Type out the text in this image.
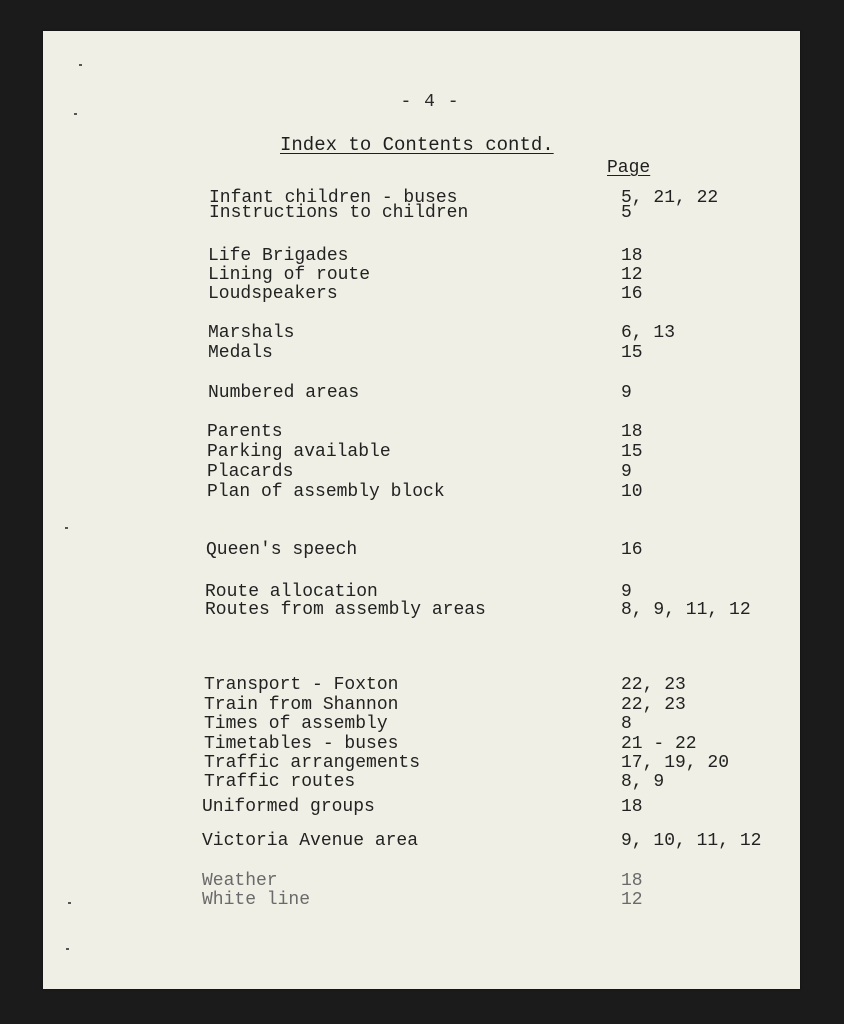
- 4 -
Index to Contents contd.
Page
Infant children - buses	5, 21, 22
Instructions to children	5
Life Brigades	18
Lining of route	12
Loudspeakers	16
Marshals	6, 13
Medals	15
Numbered areas	9
Parents	18
Parking available	15
Placards	9
Plan of assembly block	10
Queen's speech	16
Route allocation	9
Routes from assembly areas	8, 9, 11, 12
Transport - Foxton	22, 23
Train from Shannon	22, 23
Times of assembly	8
Timetables - buses	21 - 22
Traffic arrangements	17, 19, 20
Traffic routes	8, 9
Uniformed groups	18
Victoria Avenue area	9, 10, 11, 12
Weather	18
White line	12
